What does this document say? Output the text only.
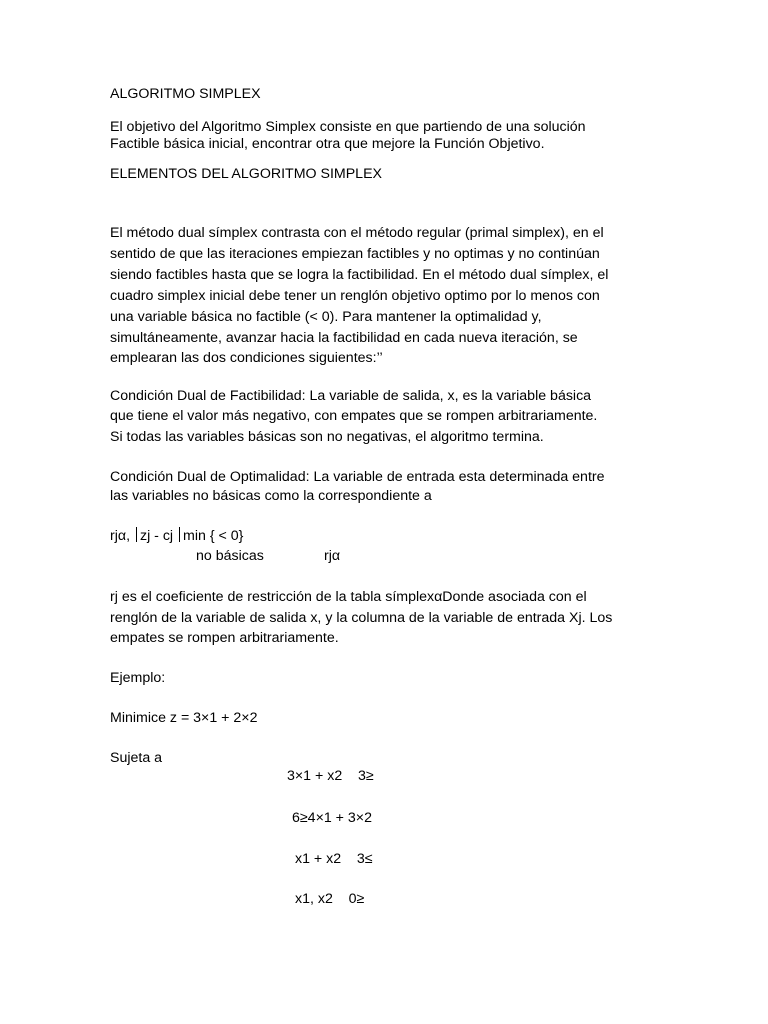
ALGORITMO SIMPLEX
El objetivo del Algoritmo Simplex consiste en que partiendo de una solución
Factible básica inicial, encontrar otra que mejore la Función Objetivo.
ELEMENTOS DEL ALGORITMO SIMPLEX
El método dual símplex contrasta con el método regular (primal simplex), en el
sentido de que las iteraciones empiezan factibles y no optimas y no continúan
siendo factibles hasta que se logra la factibilidad. En el método dual símplex, el
cuadro simplex inicial debe tener un renglón objetivo optimo por lo menos con
una variable básica no factible (< 0). Para mantener la optimalidad y,
simultáneamente, avanzar hacia la factibilidad en cada nueva iteración, se
emplearan las dos condiciones siguientes:’’
Condición Dual de Factibilidad: La variable de salida, x, es la variable básica
que tiene el valor más negativo, con empates que se rompen arbitrariamente.
Si todas las variables básicas son no negativas, el algoritmo termina.
Condición Dual de Optimalidad: La variable de entrada esta determinada entre
las variables no básicas como la correspondiente a
rjα, zj - cj min { < 0}
no básicas	rjα
rj es el coeficiente de restricción de la tabla símplexαDonde asociada con el
renglón de la variable de salida x, y la columna de la variable de entrada Xj. Los
empates se rompen arbitrariamente.
Ejemplo:
Minimice z = 3×1 + 2×2
Sujeta a
3×1 + x2    3≥
6≥4×1 + 3×2
x1 + x2    3≤
x1, x2    0≥
